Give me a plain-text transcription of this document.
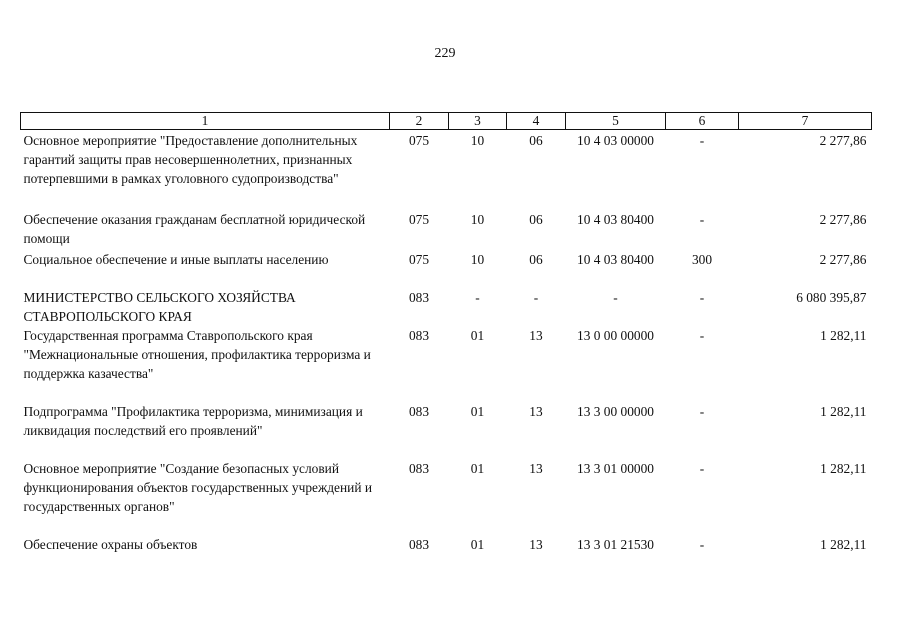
229
1	2	3	4	5	6	7
Основное мероприятие "Предоставление дополнительных гарантий защиты прав несовершеннолетних, признанных потерпевшими в рамках уголовного судопроизводства"	075	10	06	10 4 03 00000	-	2 277,86
Обеспечение оказания гражданам бесплатной юридической помощи	075	10	06	10 4 03 80400	-	2 277,86
Социальное обеспечение и иные выплаты населению	075	10	06	10 4 03 80400	300	2 277,86
МИНИСТЕРСТВО СЕЛЬСКОГО ХОЗЯЙСТВА СТАВРОПОЛЬСКОГО КРАЯ	083	-	-	-	-	6 080 395,87
Государственная программа Ставропольского края "Межнациональные отношения, профилактика терроризма и поддержка казачества"	083	01	13	13 0 00 00000	-	1 282,11
Подпрограмма "Профилактика терроризма, минимизация и ликвидация последствий его проявлений"	083	01	13	13 3 00 00000	-	1 282,11
Основное мероприятие "Создание безопасных условий функционирования объектов государственных учреждений и государственных органов"	083	01	13	13 3 01 00000	-	1 282,11
Обеспечение охраны объектов	083	01	13	13 3 01 21530	-	1 282,11
